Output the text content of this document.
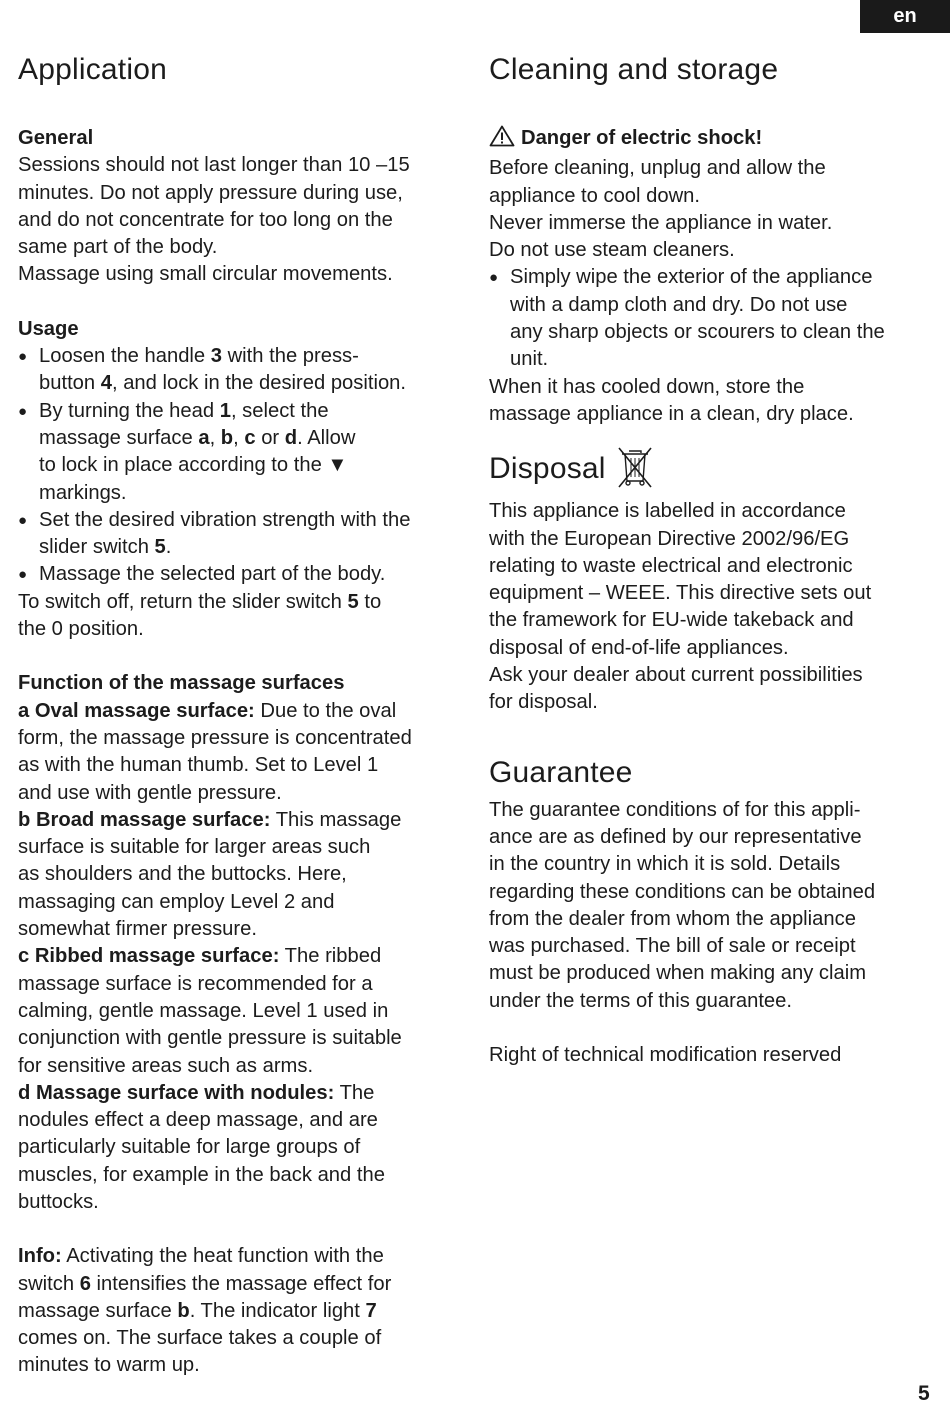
en
Application

General

Sessions should not last longer than 10 –15

minutes. Do not apply pressure during use,

and do not concentrate for too long on the

same part of the body.

Massage using small circular movements.

Usage

● Loosen the handle 3 with the press-

button 4, and lock in the desired position.

● By turning the head 1, select the

massage surface a, b, c or d. Allow

to lock in place according to the ▼

markings.

● Set the desired vibration strength with the

slider switch 5.

● Massage the selected part of the body.

To switch off, return the slider switch 5 to

the 0 position.

Function of the massage surfaces

a Oval massage surface: Due to the oval

form, the massage pressure is concentrated

as with the human thumb. Set to Level 1

and use with gentle pressure.

b Broad massage surface: This massage

surface is suitable for larger areas such

as shoulders and the buttocks. Here,

massaging can employ Level 2 and

somewhat firmer pressure.

c Ribbed massage surface: The ribbed

massage surface is recommended for a

calming, gentle massage. Level 1 used in

conjunction with gentle pressure is suitable

for sensitive areas such as arms.

d Massage surface with nodules: The

nodules effect a deep massage, and are

particularly suitable for large groups of

muscles, for example in the back and the

buttocks.

Info: Activating the heat function with the

switch 6 intensifies the massage effect for

massage surface b. The indicator light 7

comes on. The surface takes a couple of

minutes to warm up.

Cleaning and storage

Danger of electric shock!

Before cleaning, unplug and allow the

appliance to cool down.

Never immerse the appliance in water.

Do not use steam cleaners.

● Simply wipe the exterior of the appliance

with a damp cloth and dry. Do not use

any sharp objects or scourers to clean the

unit.

When it has cooled down, store the

massage appliance in a clean, dry place.

Disposal

This appliance is labelled in accordance

with the European Directive 2002/96/EG

relating to waste electrical and electronic

equipment – WEEE. This directive sets out

the framework for EU-wide takeback and

disposal of end-of-life appliances.

Ask your dealer about current possibilities

for disposal.

Guarantee

The guarantee conditions of for this appli-

ance are as defined by our representative

in the country in which it is sold. Details

regarding these conditions can be obtained

from the dealer from whom the appliance

was purchased. The bill of sale or receipt

must be produced when making any claim

under the terms of this guarantee.

Right of technical modification reserved

5
